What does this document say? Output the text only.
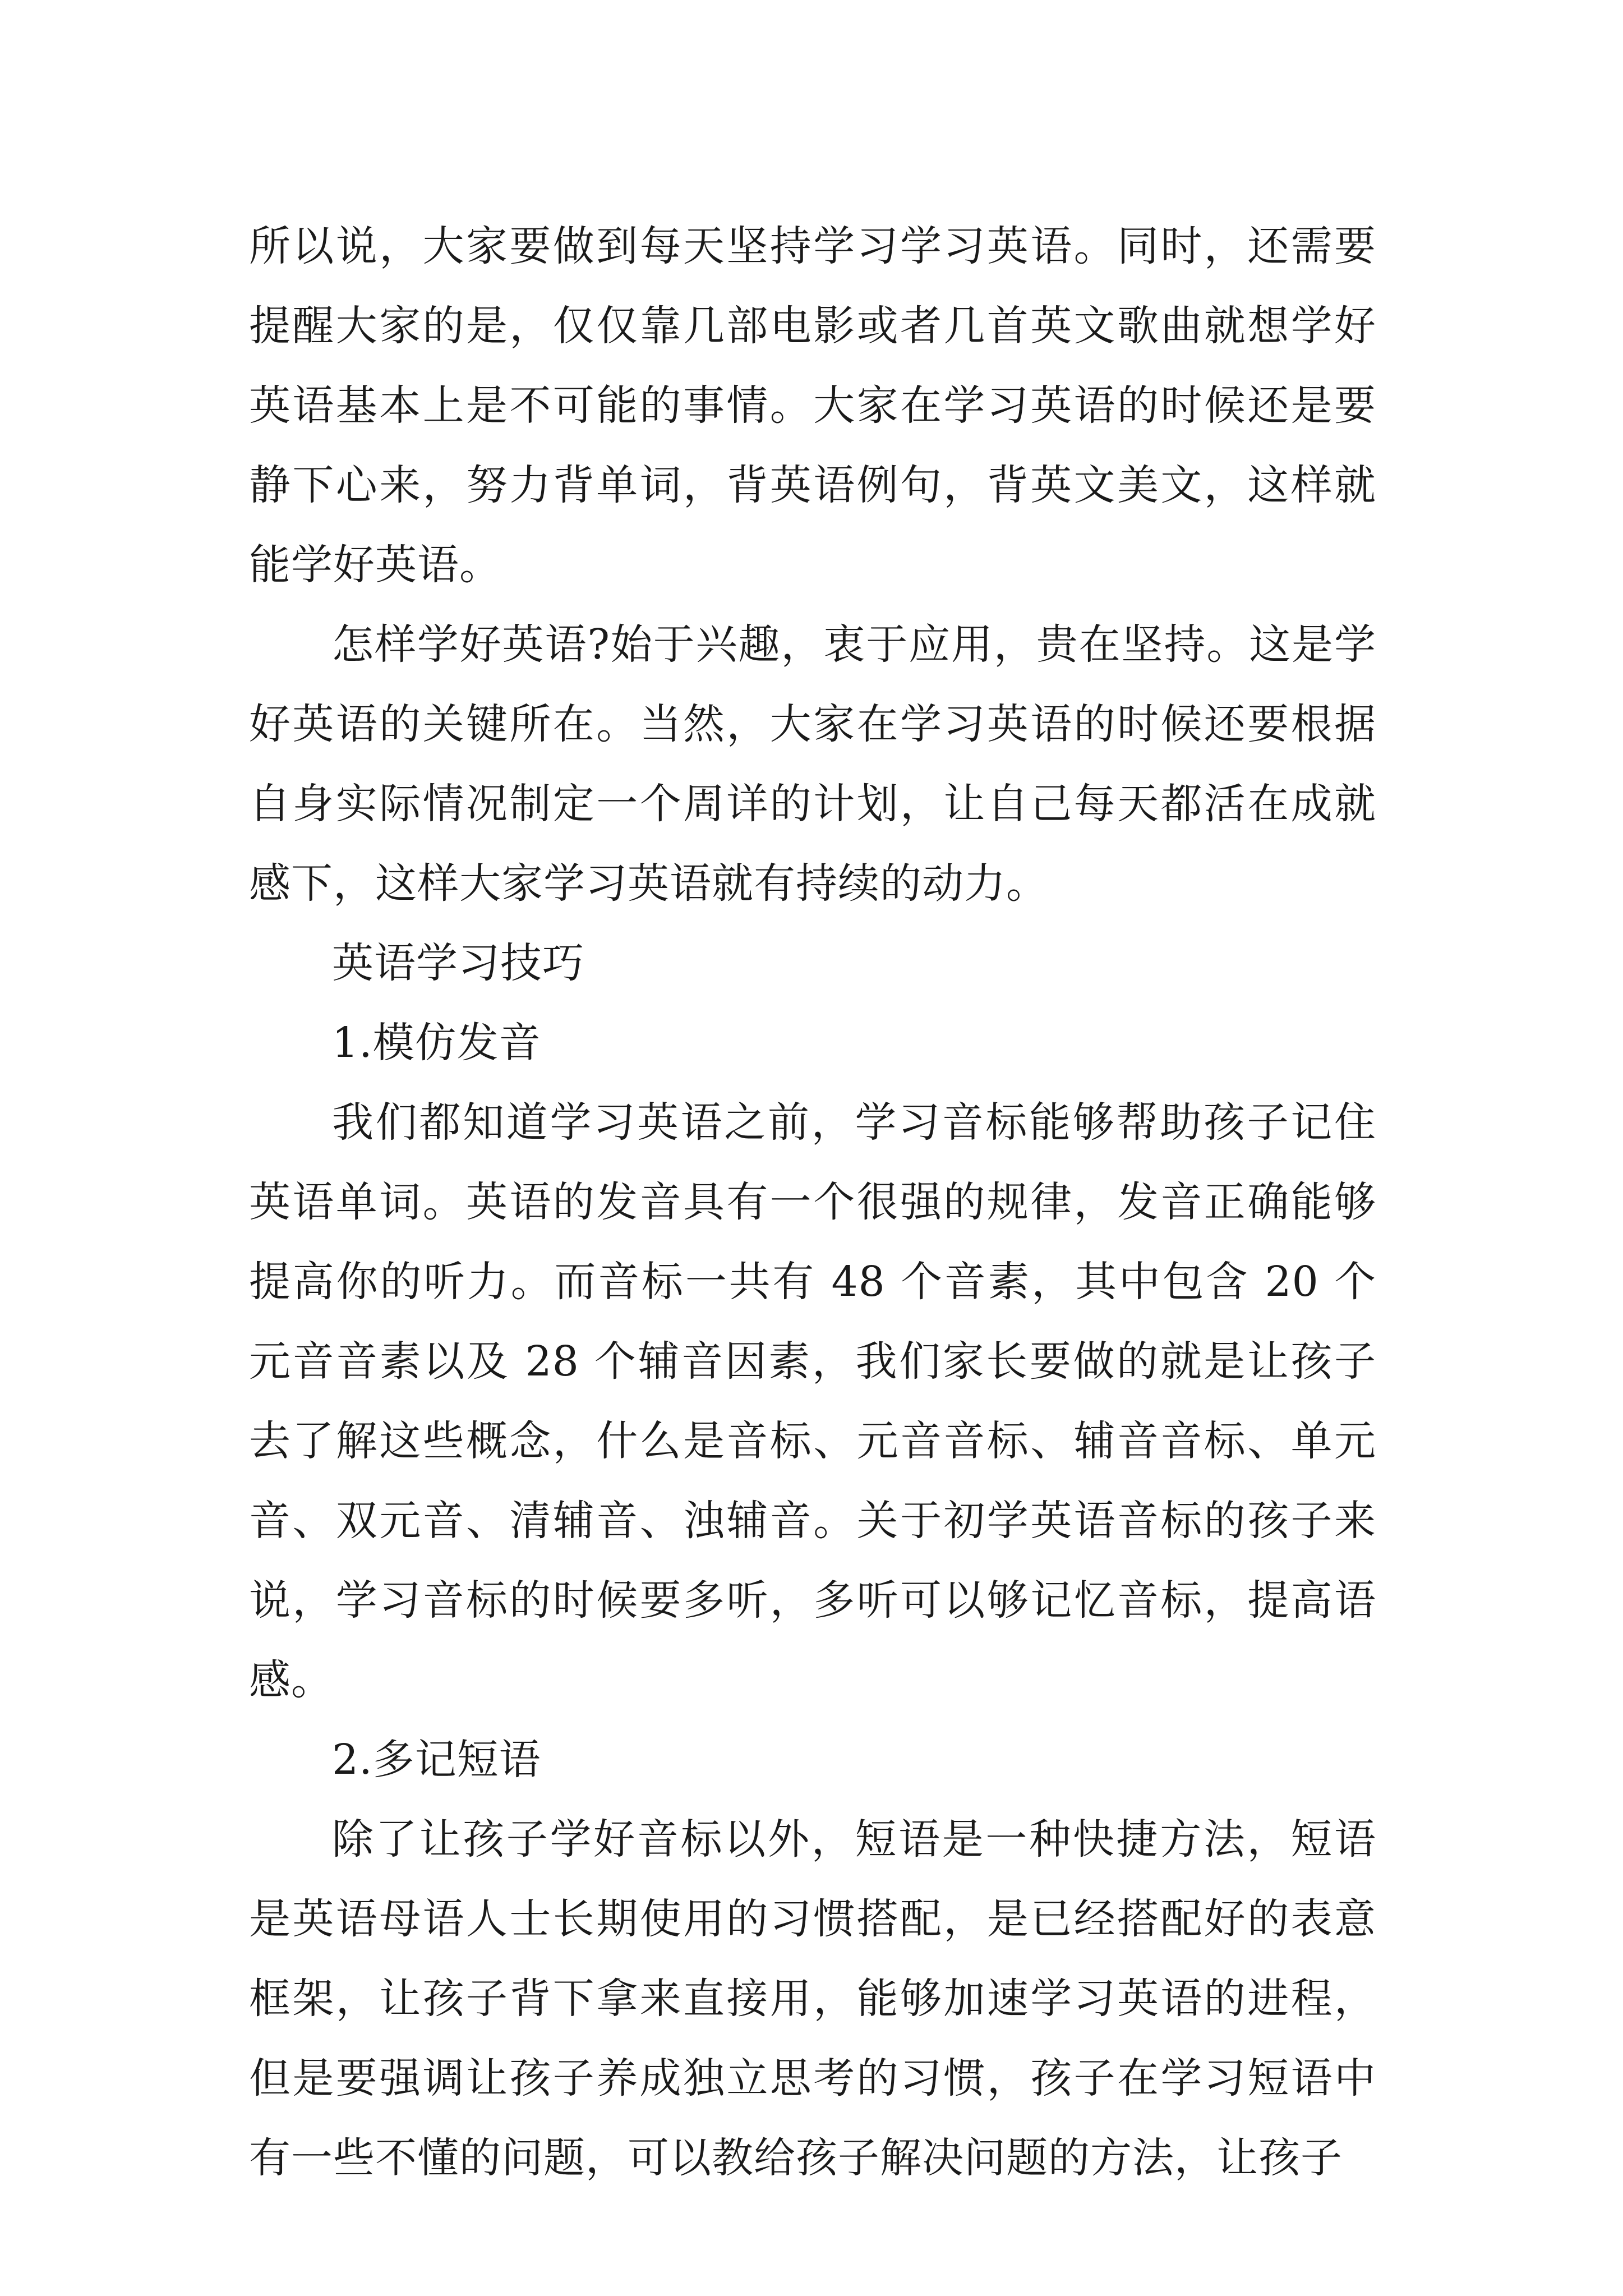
所以说，大家要做到每天坚持学习学习英语。同时，还需要提醒大家的是，仅仅靠几部电影或者几首英文歌曲就想学好英语基本上是不可能的事情。大家在学习英语的时候还是要静下心来，努力背单词，背英语例句，背英文美文，这样就能学好英语。

怎样学好英语?始于兴趣，衷于应用，贵在坚持。这是学好英语的关键所在。当然，大家在学习英语的时候还要根据自身实际情况制定一个周详的计划，让自己每天都活在成就感下，这样大家学习英语就有持续的动力。

英语学习技巧

1.模仿发音

我们都知道学习英语之前，学习音标能够帮助孩子记住英语单词。英语的发音具有一个很强的规律，发音正确能够提高你的听力。而音标一共有 48 个音素，其中包含 20 个元音音素以及 28 个辅音因素，我们家长要做的就是让孩子去了解这些概念，什么是音标、元音音标、辅音音标、单元音、双元音、清辅音、浊辅音。关于初学英语音标的孩子来说，学习音标的时候要多听，多听可以够记忆音标，提高语感。

2.多记短语

除了让孩子学好音标以外，短语是一种快捷方法，短语是英语母语人士长期使用的习惯搭配，是已经搭配好的表意框架，让孩子背下拿来直接用，能够加速学习英语的进程，但是要强调让孩子养成独立思考的习惯，孩子在学习短语中有一些不懂的问题，可以教给孩子解决问题的方法，让孩子
